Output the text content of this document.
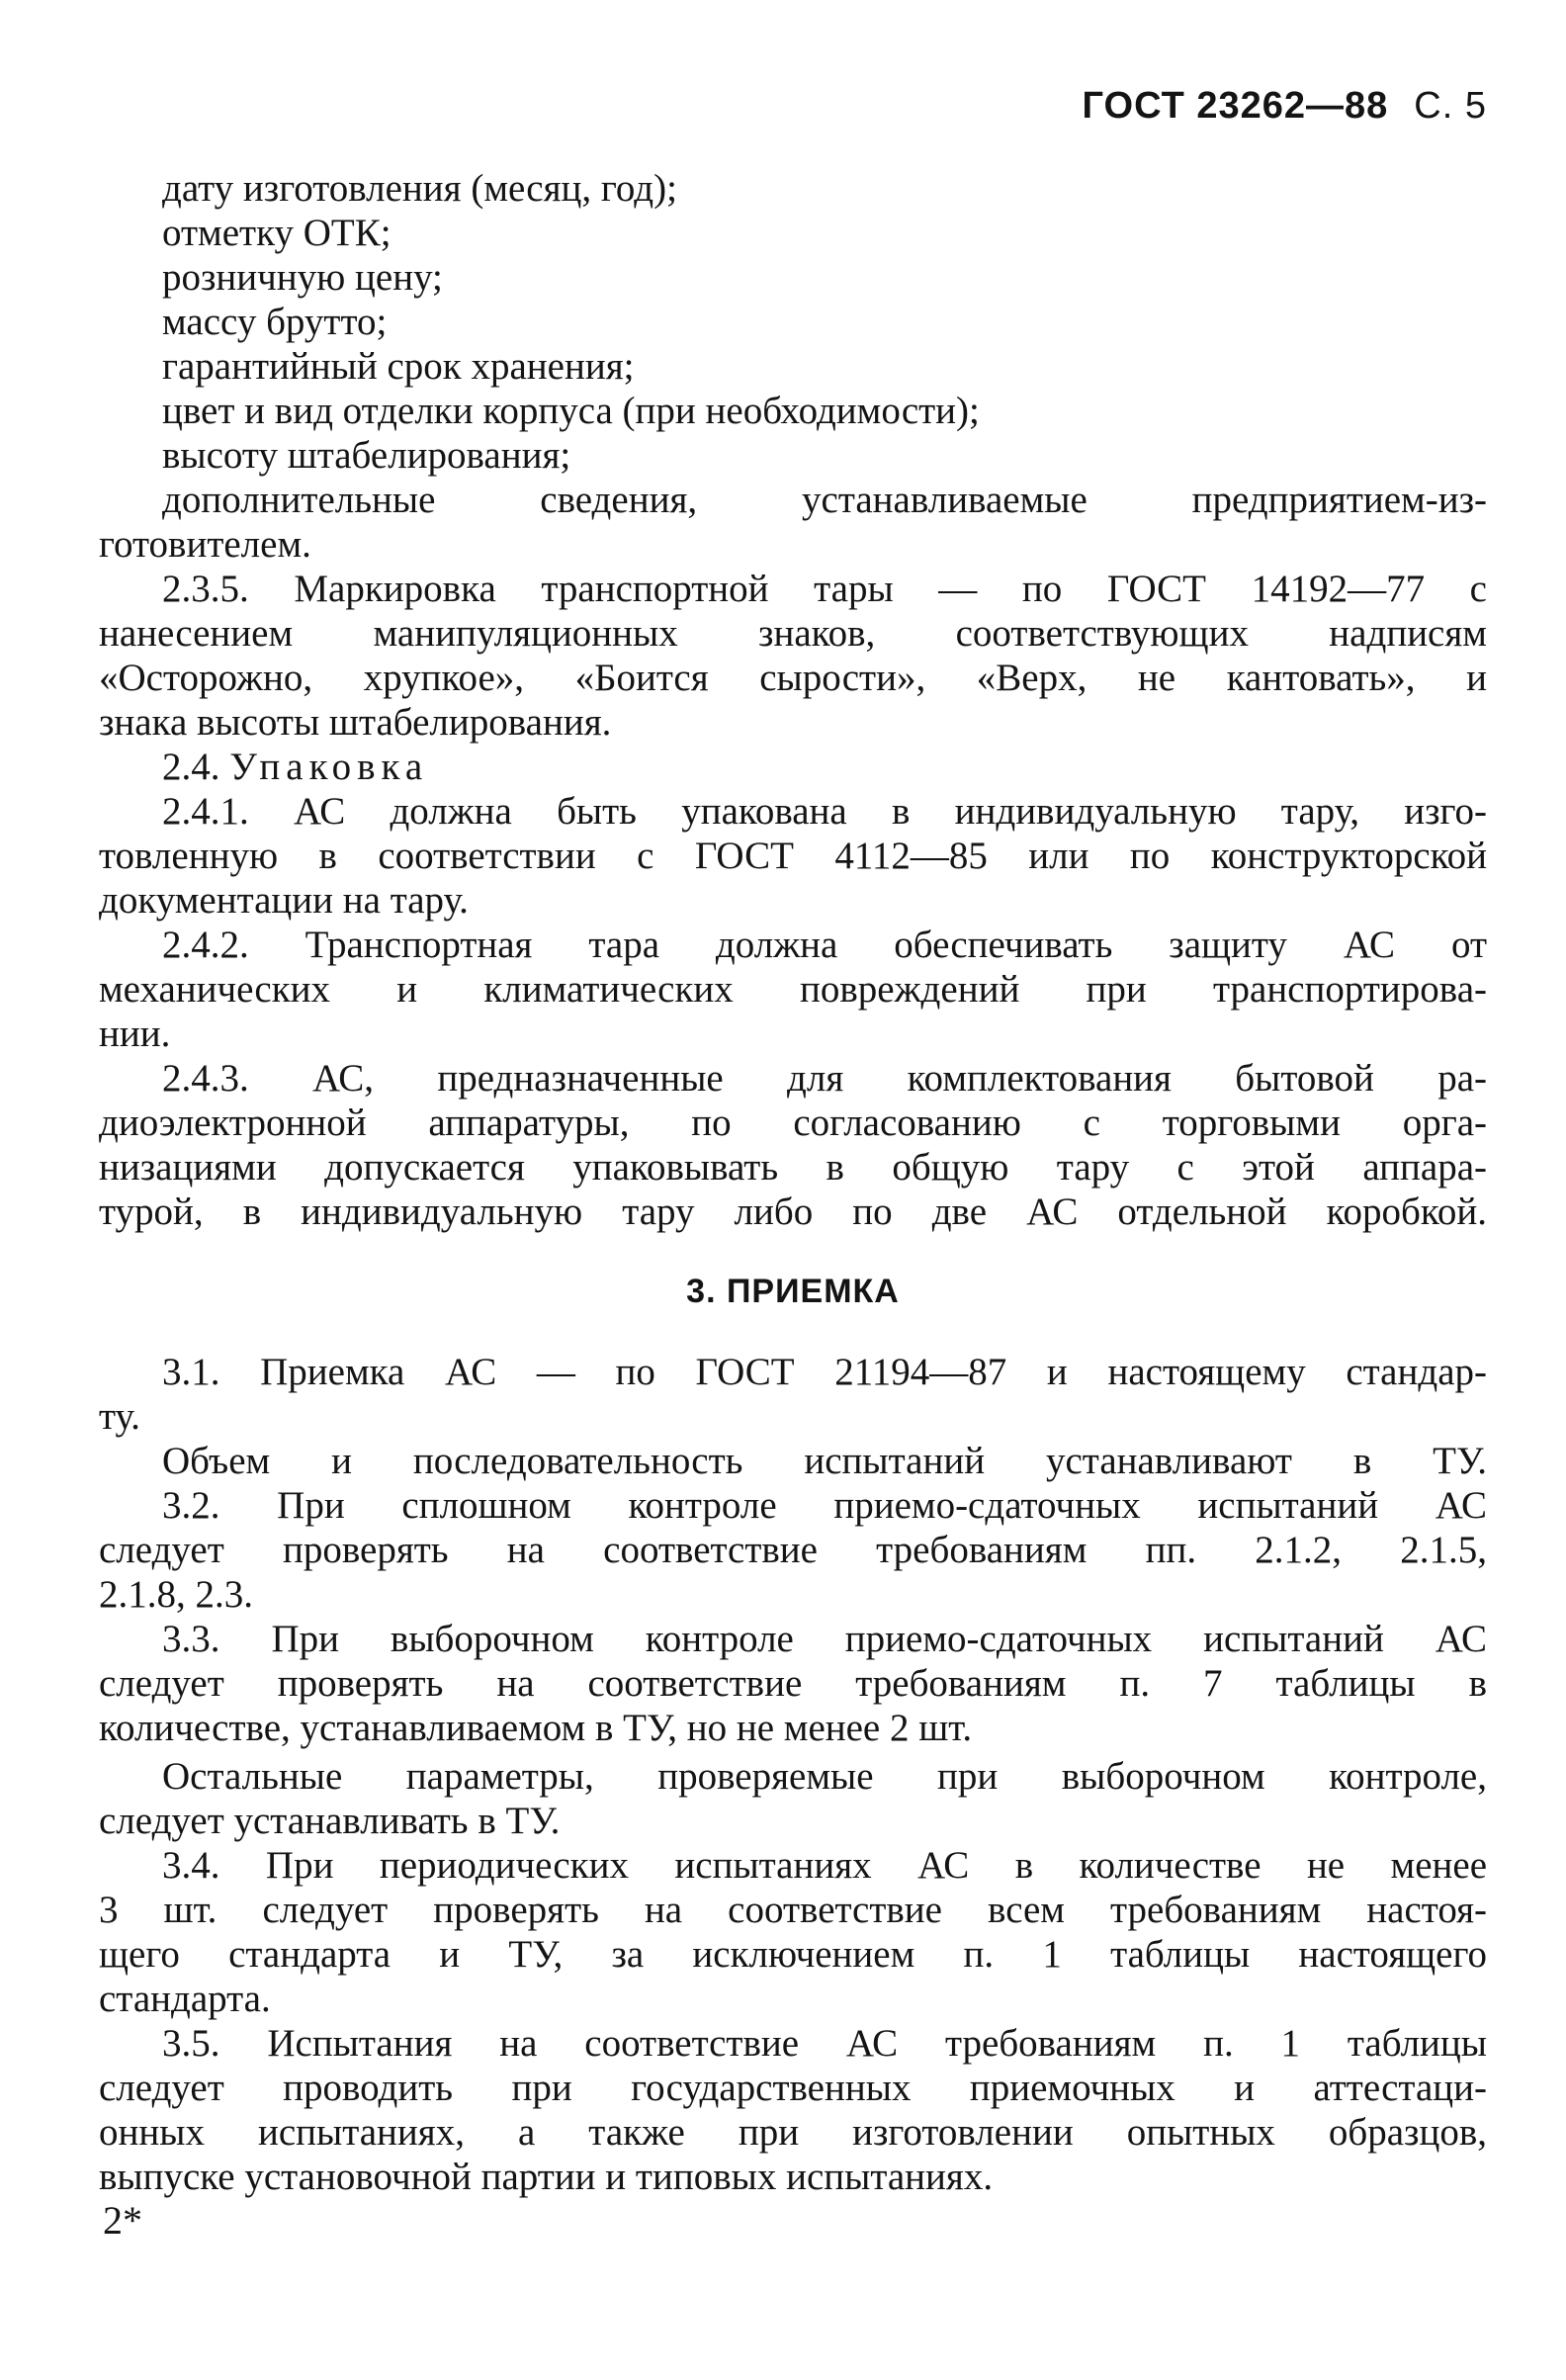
ГОСТ 23262—88 С. 5
дату изготовления (месяц, год);
отметку ОТК;
розничную цену;
массу брутто;
гарантийный срок хранения;
цвет и вид отделки корпуса (при необходимости);
высоту штабелирования;
дополнительные сведения, устанавливаемые предприятием-из-
готовителем.
2.3.5. Маркировка транспортной тары — по ГОСТ 14192—77 с
нанесением манипуляционных знаков, соответствующих надписям
«Осторожно, хрупкое», «Боится сырости», «Верх, не кантовать», и
знака высоты штабелирования.
2.4. Упаковка
2.4.1. АС должна быть упакована в индивидуальную тару, изго-
товленную в соответствии с ГОСТ 4112—85 или по конструкторской
документации на тару.
2.4.2. Транспортная тара должна обеспечивать защиту АС от
механических и климатических повреждений при транспортирова-
нии.
2.4.3. АС, предназначенные для комплектования бытовой ра-
диоэлектронной аппаратуры, по согласованию с торговыми орга-
низациями допускается упаковывать в общую тару с этой аппара-
турой, в индивидуальную тару либо по две АС отдельной коробкой.
3. ПРИЕМКА
3.1. Приемка АС — по ГОСТ 21194—87 и настоящему стандар-
ту.
Объем и последовательность испытаний устанавливают в ТУ.
3.2. При сплошном контроле приемо-сдаточных испытаний АС
следует проверять на соответствие требованиям пп. 2.1.2, 2.1.5,
2.1.8, 2.3.
3.3. При выборочном контроле приемо-сдаточных испытаний АС
следует проверять на соответствие требованиям п. 7 таблицы в
количестве, устанавливаемом в ТУ, но не менее 2 шт.
Остальные параметры, проверяемые при выборочном контроле,
следует устанавливать в ТУ.
3.4. При периодических испытаниях АС в количестве не менее
3 шт. следует проверять на соответствие всем требованиям настоя-
щего стандарта и ТУ, за исключением п. 1 таблицы настоящего
стандарта.
3.5. Испытания на соответствие АС требованиям п. 1 таблицы
следует проводить при государственных приемочных и аттестаци-
онных испытаниях, а также при изготовлении опытных образцов,
выпуске установочной партии и типовых испытаниях.
2*
